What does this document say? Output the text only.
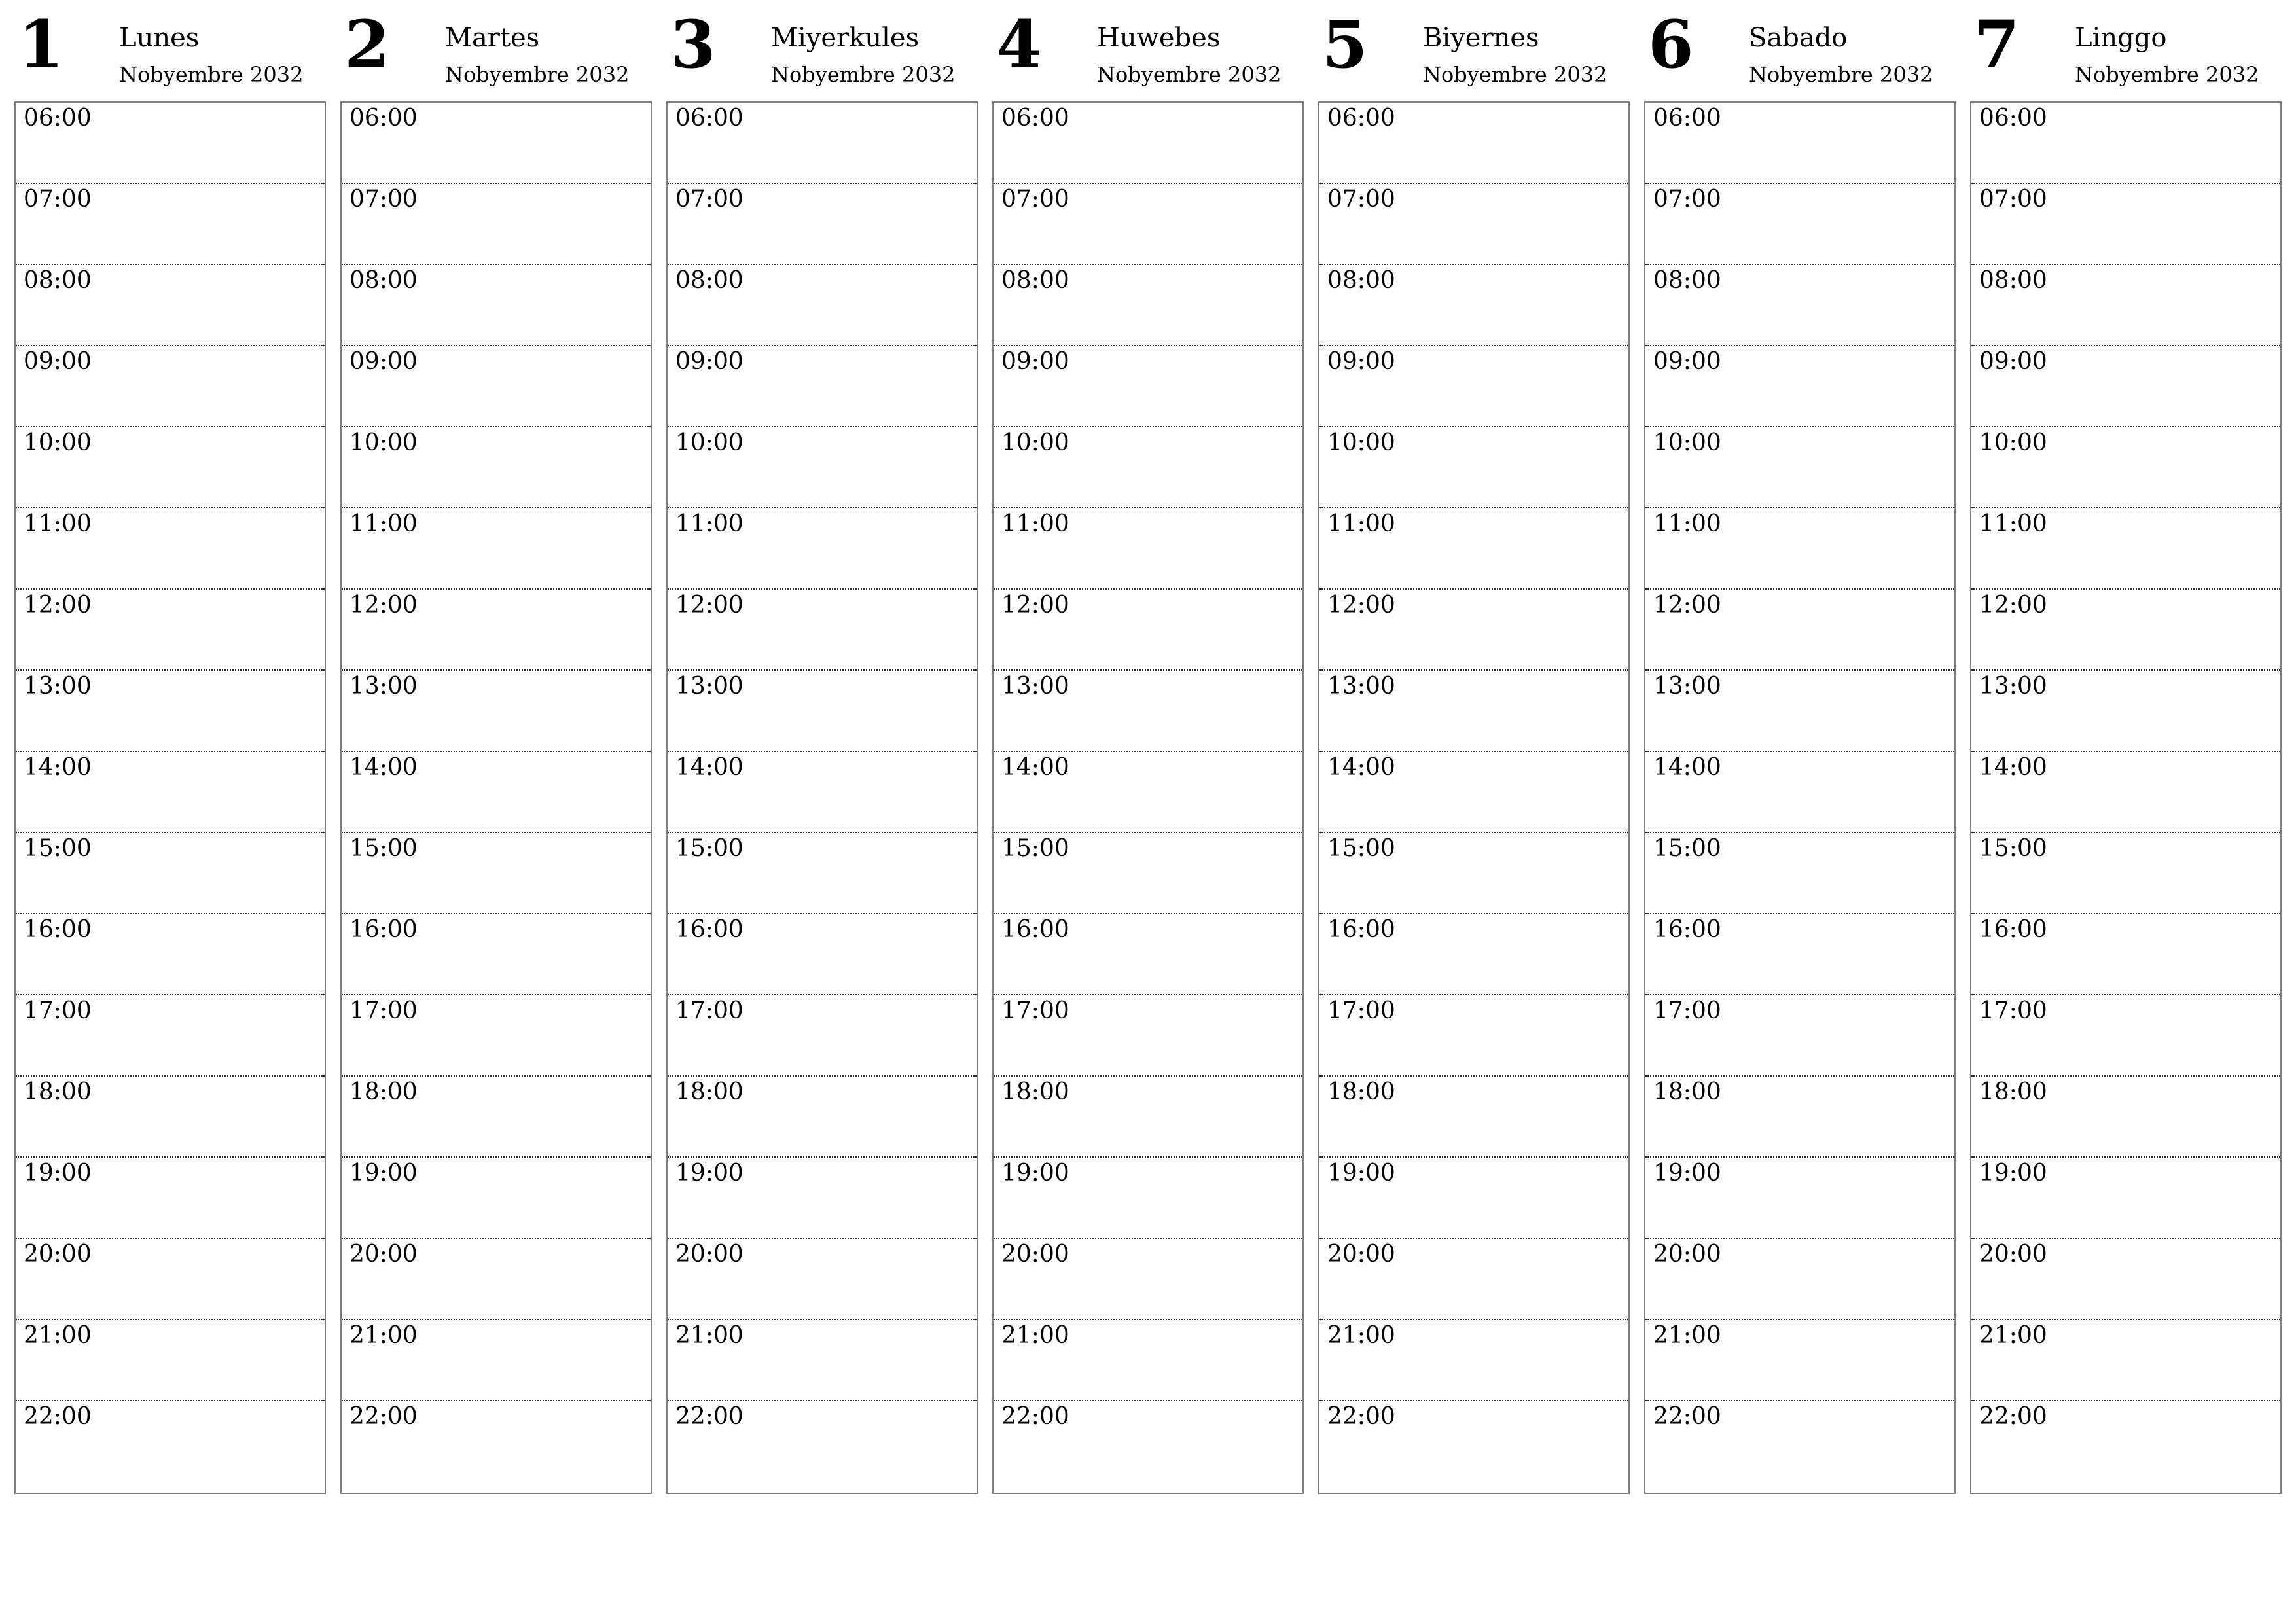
1 Lunes
Nobyembre 2032
06:00
07:00
08:00
09:00
10:00
11:00
12:00
13:00
14:00
15:00
16:00
17:00
18:00
19:00
20:00
21:00
22:00
2 Martes
Nobyembre 2032
06:00
07:00
08:00
09:00
10:00
11:00
12:00
13:00
14:00
15:00
16:00
17:00
18:00
19:00
20:00
21:00
22:00
3 Miyerkules
Nobyembre 2032
06:00
07:00
08:00
09:00
10:00
11:00
12:00
13:00
14:00
15:00
16:00
17:00
18:00
19:00
20:00
21:00
22:00
4 Huwebes
Nobyembre 2032
06:00
07:00
08:00
09:00
10:00
11:00
12:00
13:00
14:00
15:00
16:00
17:00
18:00
19:00
20:00
21:00
22:00
5 Biyernes
Nobyembre 2032
06:00
07:00
08:00
09:00
10:00
11:00
12:00
13:00
14:00
15:00
16:00
17:00
18:00
19:00
20:00
21:00
22:00
6 Sabado
Nobyembre 2032
06:00
07:00
08:00
09:00
10:00
11:00
12:00
13:00
14:00
15:00
16:00
17:00
18:00
19:00
20:00
21:00
22:00
7 Linggo
Nobyembre 2032
06:00
07:00
08:00
09:00
10:00
11:00
12:00
13:00
14:00
15:00
16:00
17:00
18:00
19:00
20:00
21:00
22:00
